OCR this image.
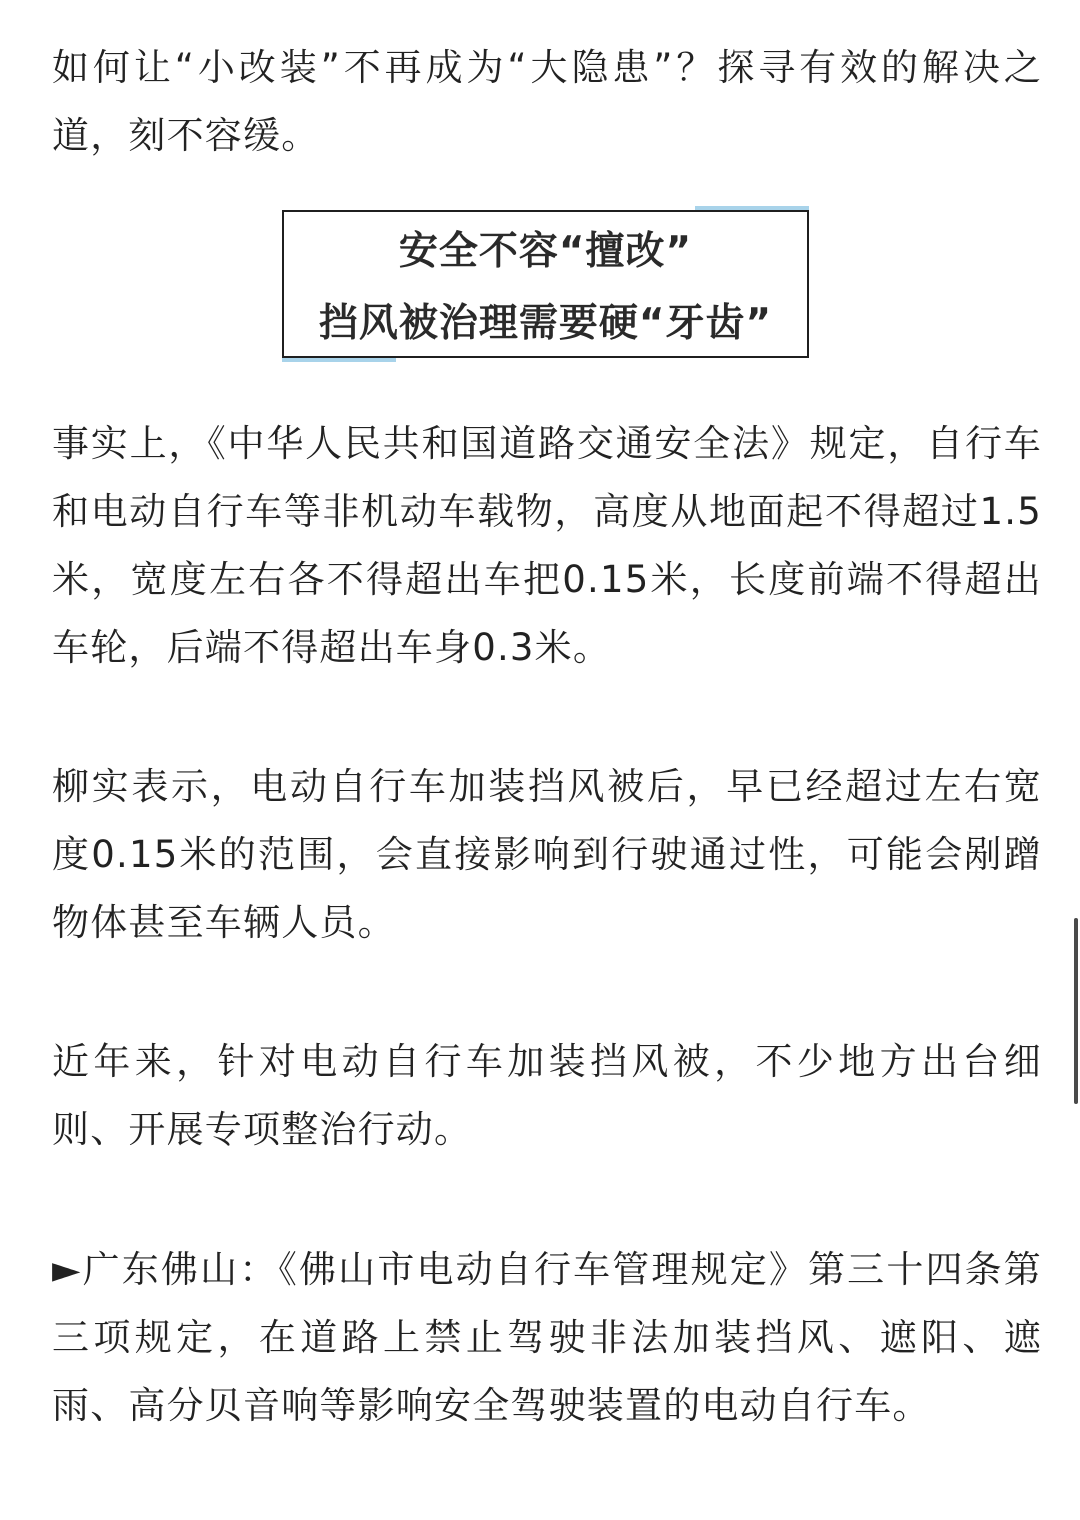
如何让“小改装”不再成为“大隐患”？探寻有效的解决之道，刻不容缓。

安全不容“擅改”
挡风被治理需要硬“牙齿”

事实上，《中华人民共和国道路交通安全法》规定，自行车和电动自行车等非机动车载物，高度从地面起不得超过1.5米，宽度左右各不得超出车把0.15米，长度前端不得超出车轮，后端不得超出车身0.3米。

柳实表示，电动自行车加装挡风被后，早已经超过左右宽度0.15米的范围，会直接影响到行驶通过性，可能会剐蹭物体甚至车辆人员。

近年来，针对电动自行车加装挡风被，不少地方出台细则、开展专项整治行动。

►广东佛山：《佛山市电动自行车管理规定》第三十四条第三项规定，在道路上禁止驾驶非法加装挡风、遮阳、遮雨、高分贝音响等影响安全驾驶装置的电动自行车。
